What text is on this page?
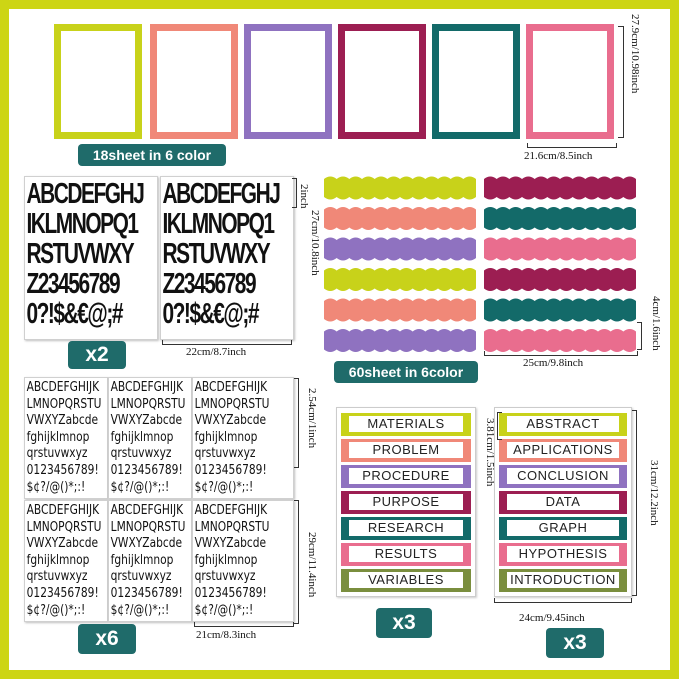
18sheet in 6 color
27.9cm/10.98inch
21.6cm/8.5inch
ABCDEFGHJ
IKLMNOPQ1
RSTUVWXY
Z23456789
0?!$&€@;#
ABCDEFGHJ
IKLMNOPQ1
RSTUVWXY
Z23456789
0?!$&€@;#
x2
2inch
27cm/10.8inch
22cm/8.7inch
60sheet in 6color
25cm/9.8inch
4cm/1.6inch
ABCDEFGHIJK
LMNOPQRSTU
VWXYZabcde
fghijklmnop
qrstuvwxyz
0123456789!
$¢?/@()*;:!
ABCDEFGHIJK
LMNOPQRSTU
VWXYZabcde
fghijklmnop
qrstuvwxyz
0123456789!
$¢?/@()*;:!
ABCDEFGHIJK
LMNOPQRSTU
VWXYZabcde
fghijklmnop
qrstuvwxyz
0123456789!
$¢?/@()*;:!
ABCDEFGHIJK
LMNOPQRSTU
VWXYZabcde
fghijklmnop
qrstuvwxyz
0123456789!
$¢?/@()*;:!
ABCDEFGHIJK
LMNOPQRSTU
VWXYZabcde
fghijklmnop
qrstuvwxyz
0123456789!
$¢?/@()*;:!
ABCDEFGHIJK
LMNOPQRSTU
VWXYZabcde
fghijklmnop
qrstuvwxyz
0123456789!
$¢?/@()*;:!
x6
2.54cm/1inch
29cm/11.4inch
21cm/8.3inch
MATERIALS
PROBLEM
PROCEDURE
PURPOSE
RESEARCH
RESULTS
VARIABLES
x3
ABSTRACT
APPLICATIONS
CONCLUSION
DATA
GRAPH
HYPOTHESIS
INTRODUCTION
x3
3.81cm/1.5inch
31cm/12.2inch
24cm/9.45inch
